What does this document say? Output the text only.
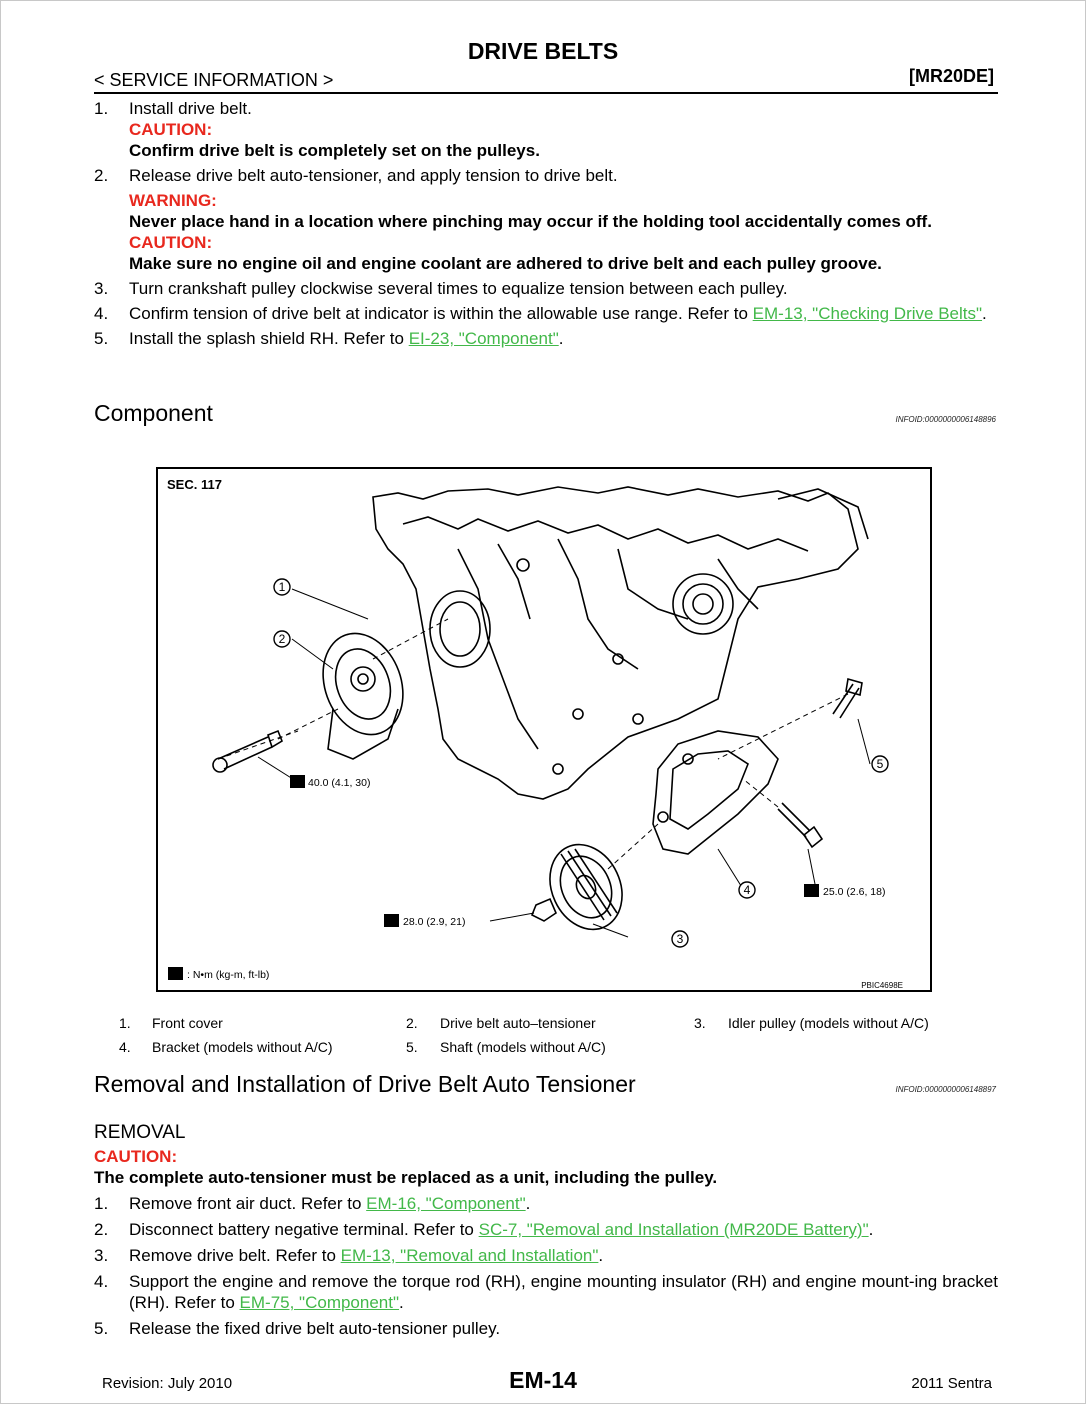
DRIVE BELTS
< SERVICE INFORMATION >	[MR20DE]
1.	Install drive belt.
CAUTION:
Confirm drive belt is completely set on the pulleys.
2.	Release drive belt auto-tensioner, and apply tension to drive belt.
WARNING:
Never place hand in a location where pinching may occur if the holding tool accidentally comes off.
CAUTION:
Make sure no engine oil and engine coolant are adhered to drive belt and each pulley groove.
3.	Turn crankshaft pulley clockwise several times to equalize tension between each pulley.
4.	Confirm tension of drive belt at indicator is within the allowable use range. Refer to EM-13, "Checking Drive Belts".
5.	Install the splash shield RH. Refer to EI-23, "Component".
Component	INFOID:0000000006148896
SEC. 117
1
2
3
4
5
40.0 (4.1, 30)
28.0 (2.9, 21)
25.0 (2.6, 18)
: N•m (kg-m, ft-lb)
PBIC4698E
1. Front cover	2. Drive belt auto–tensioner	3. Idler pulley (models without A/C)
4. Bracket (models without A/C)	5. Shaft (models without A/C)
Removal and Installation of Drive Belt Auto Tensioner	INFOID:0000000006148897
REMOVAL
CAUTION:
The complete auto-tensioner must be replaced as a unit, including the pulley.
1.	Remove front air duct. Refer to EM-16, "Component".
2.	Disconnect battery negative terminal. Refer to SC-7, "Removal and Installation (MR20DE Battery)".
3.	Remove drive belt. Refer to EM-13, "Removal and Installation".
4.	Support the engine and remove the torque rod (RH), engine mounting insulator (RH) and engine mount-ing bracket (RH). Refer to EM-75, "Component".
5.	Release the fixed drive belt auto-tensioner pulley.
Revision: July 2010	EM-14	2011 Sentra
